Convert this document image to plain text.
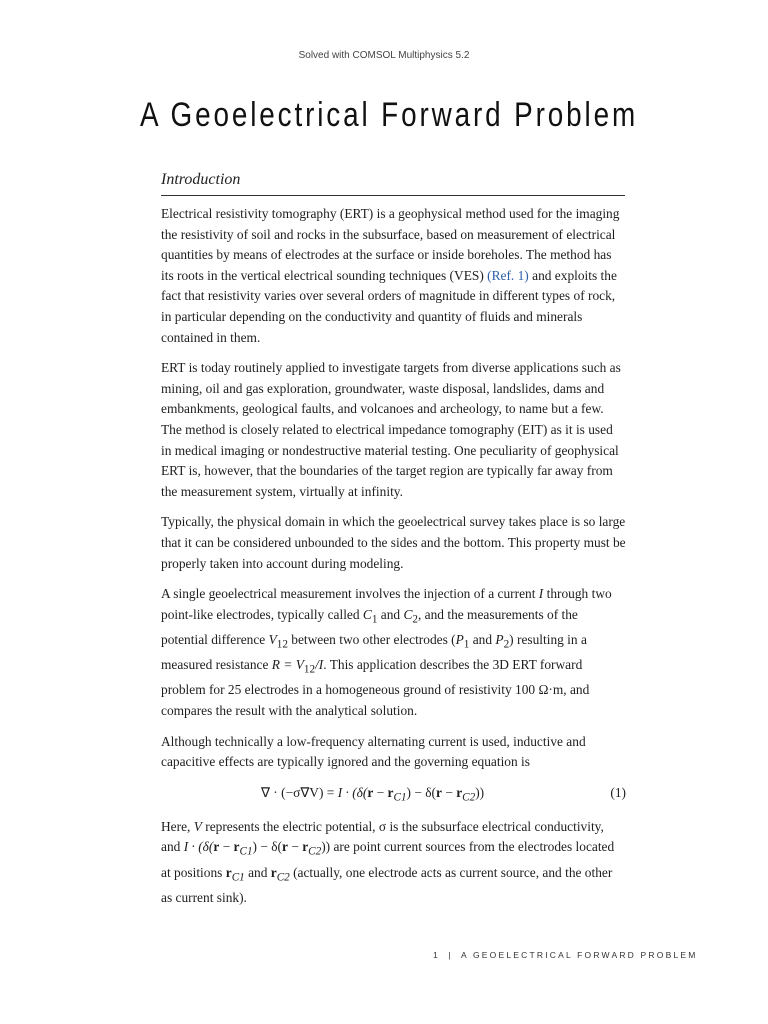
Solved with COMSOL Multiphysics 5.2
A Geoelectrical Forward Problem
Introduction

Electrical resistivity tomography (ERT) is a geophysical method used for the imaging the resistivity of soil and rocks in the subsurface, based on measurement of electrical quantities by means of electrodes at the surface or inside boreholes. The method has its roots in the vertical electrical sounding techniques (VES) (Ref. 1) and exploits the fact that resistivity varies over several orders of magnitude in different types of rock, in particular depending on the conductivity and quantity of fluids and minerals contained in them.

ERT is today routinely applied to investigate targets from diverse applications such as mining, oil and gas exploration, groundwater, waste disposal, landslides, dams and embankments, geological faults, and volcanoes and archeology, to name but a few. The method is closely related to electrical impedance tomography (EIT) as it is used in medical imaging or nondestructive material testing. One peculiarity of geophysical ERT is, however, that the boundaries of the target region are typically far away from the measurement system, virtually at infinity.

Typically, the physical domain in which the geoelectrical survey takes place is so large that it can be considered unbounded to the sides and the bottom. This property must be properly taken into account during modeling.

A single geoelectrical measurement involves the injection of a current I through two point-like electrodes, typically called $C_1$ and $C_2$, and the measurements of the potential difference $V_{12}$ between two other electrodes ($P_1$ and $P_2$) resulting in a measured resistance $R = V_{12}/I$. This application describes the 3D ERT forward problem for 25 electrodes in a homogeneous ground of resistivity 100 Ω·m, and compares the result with the analytical solution.

Although technically a low-frequency alternating current is used, inductive and capacitive effects are typically ignored and the governing equation is

∇ · $(-\sigma\nabla V) = I \cdot (\delta(r - r_{C1}) - \delta(r - r_{C2}))$	(1)

Here, V represents the electric potential, σ is the subsurface electrical conductivity, and $I \cdot (\delta(r - r_{C1}) - \delta(r - r_{C2}))$ are point current sources from the electrodes located at positions $r_{C1}$ and $r_{C2}$ (actually, one electrode acts as current source, and the other as current sink).

1 | A GEOELECTRICAL FORWARD PROBLEM
